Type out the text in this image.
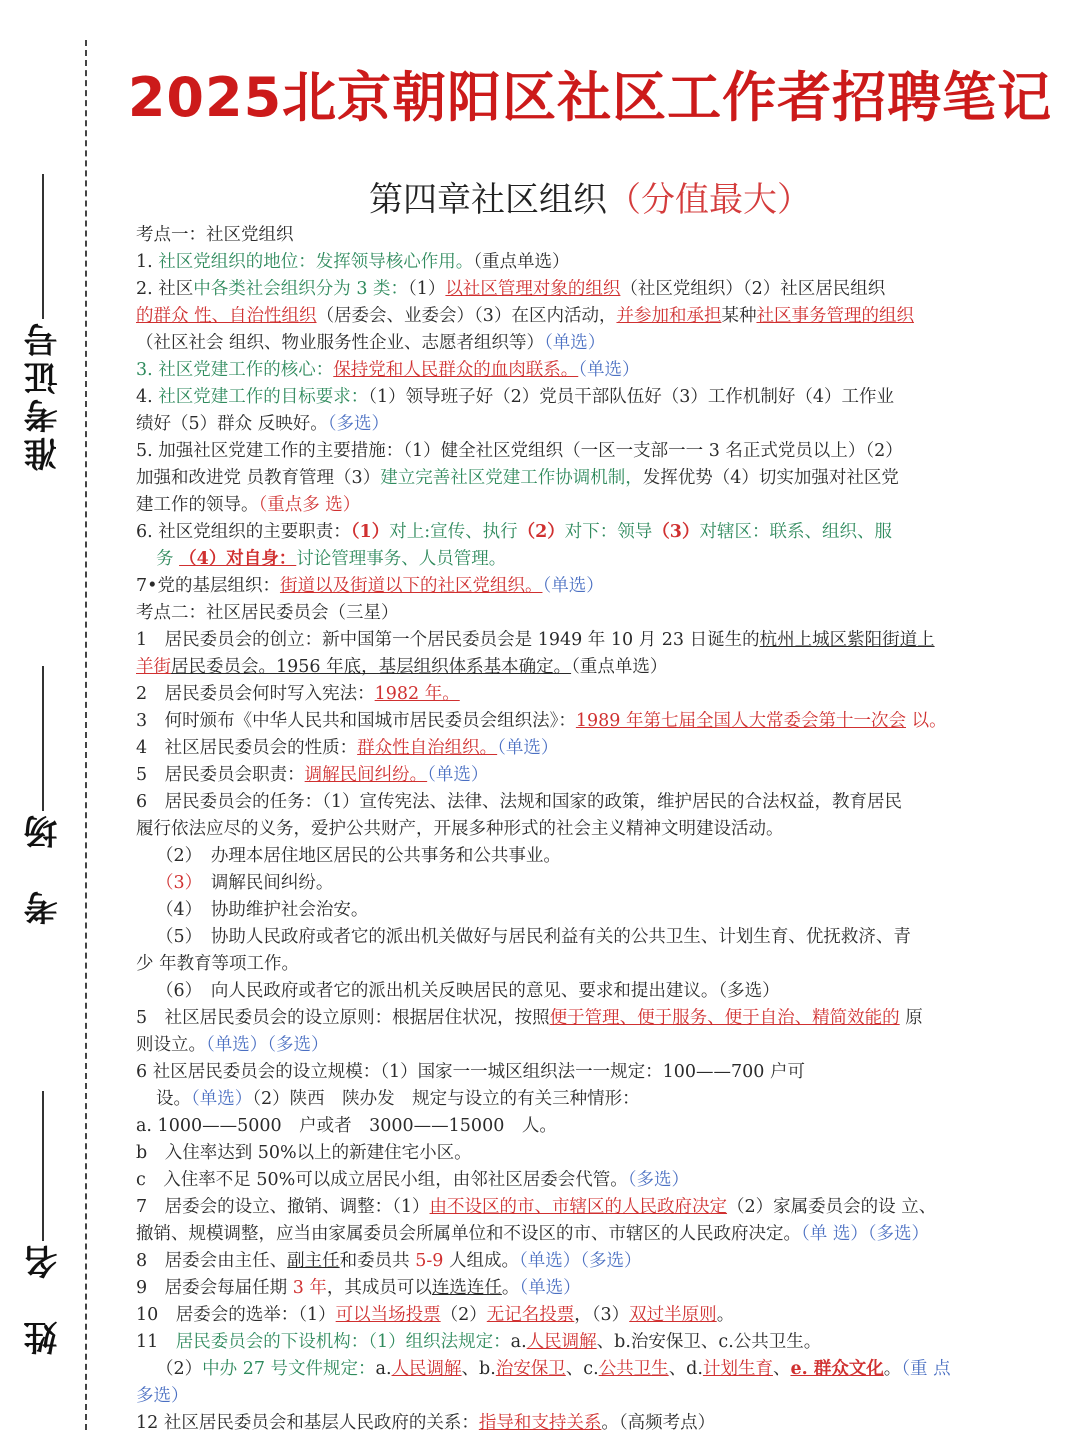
准考证号
考　场
姓　名
2025北京朝阳区社区工作者招聘笔记
第四章社区组织（分值最大）

考点一：社区党组织

1. 社区党组织的地位：发挥领导核心作用。（重点单选）

2. 社区中各类社会组织分为 3 类：（1）以社区管理对象的组织（社区党组织）（2）社区居民组织

的群众 性、自治性组织（居委会、业委会）（3）在区内活动，并参加和承担某种社区事务管理的组织

（社区社会 组织、物业服务性企业、志愿者组织等）（单选）

3. 社区党建工作的核心：保持党和人民群众的血肉联系。（单选）

4. 社区党建工作的目标要求：（1）领导班子好（2）党员干部队伍好（3）工作机制好（4）工作业

绩好（5）群众 反映好。（多选）

5. 加强社区党建工作的主要措施：（1）健全社区党组织（一区一支部一一 3 名正式党员以上）（2）

加强和改进党 员教育管理（3）建立完善社区党建工作协调机制，发挥优势（4）切实加强对社区党

建工作的领导。（重点多 选）

6. 社区党组织的主要职责：（1）对上:宣传、执行（2）对下：领导（3）对辖区：联系、组织、服

务 （4）对自身：讨论管理事务、人员管理。

7•党的基层组织：街道以及街道以下的社区党组织。（单选）

考点二：社区居民委员会（三星）

1　居民委员会的创立：新中国第一个居民委员会是 1949 年 10 月 23 日诞生的杭州上城区紫阳街道上

羊街居民委员会。1956 年底，基层组织体系基本确定。（重点单选）

2　居民委员会何时写入宪法：1982 年。

3　何时颁布《中华人民共和国城市居民委员会组织法》：1989 年第七届全国人大常委会第十一次会 以。

4　社区居民委员会的性质：群众性自治组织。（单选）

5　居民委员会职责：调解民间纠纷。（单选）

6　居民委员会的任务：（1）宣传宪法、法律、法规和国家的政策，维护居民的合法权益，教育居民

履行依法应尽的义务，爱护公共财产，开展多种形式的社会主义精神文明建设活动。

（2）　办理本居住地区居民的公共事务和公共事业。

（3）　调解民间纠纷。

（4）　协助维护社会治安。

（5）　协助人民政府或者它的派出机关做好与居民利益有关的公共卫生、计划生育、优抚救济、青

少 年教育等项工作。

（6）　向人民政府或者它的派出机关反映居民的意见、要求和提出建议。（多选）

5　社区居民委员会的设立原则：根据居住状况，按照便于管理、便于服务、便于自治、精简效能的 原

则设立。（单选）（多选）

6 社区居民委员会的设立规模：（1）国家一一城区组织法一一规定：100——700 户可

设。（单选）（2）陕西　陕办发　规定与设立的有关三种情形：

a. 1000——5000　户或者　3000——15000　人。

b　入住率达到 50%以上的新建住宅小区。

c　入住率不足 50%可以成立居民小组，由邻社区居委会代管。（多选）

7　居委会的设立、撤销、调整：（1）由不设区的市、市辖区的人民政府决定（2）家属委员会的设 立、

撤销、规模调整，应当由家属委员会所属单位和不设区的市、市辖区的人民政府决定。（单 选）（多选）

8　居委会由主任、副主任和委员共 5-9 人组成。（单选）（多选）

9　居委会每届任期 3 年，其成员可以连选连任。（单选）

10　居委会的选举：（1）可以当场投票（2）无记名投票，（3）双过半原则。

11　居民委员会的下设机构：（1）组织法规定：a.人民调解、b.治安保卫、c.公共卫生。

（2）中办 27 号文件规定：a.人民调解、b.治安保卫、c.公共卫生、d.计划生育、e. 群众文化。（重 点

多选）

12 社区居民委员会和基层人民政府的关系：指导和支持关系。（高频考点）
